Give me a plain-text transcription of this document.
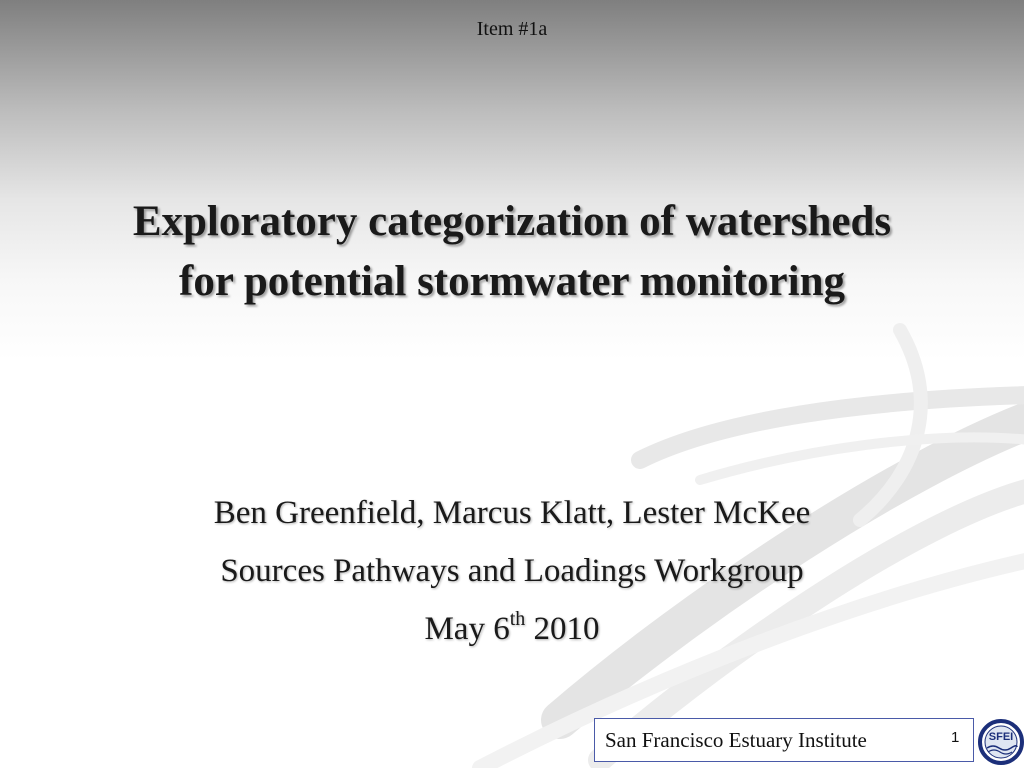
Item #1a
Exploratory categorization of watersheds
for potential stormwater monitoring
Ben Greenfield, Marcus Klatt, Lester McKee
Sources Pathways and Loadings Workgroup
May 6th 2010
San Francisco Estuary Institute	1	SFEI
